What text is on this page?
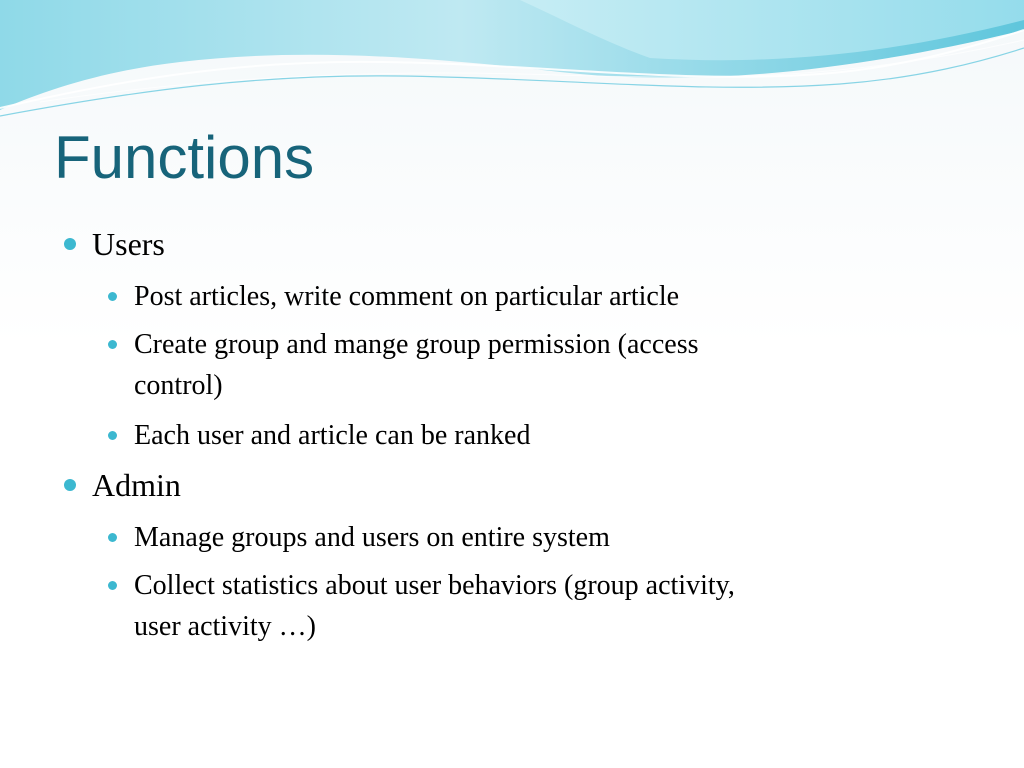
Functions

Users

Post articles, write comment on particular article

Create group and mange group permission (access

control)

Each user and article can be ranked

Admin

Manage groups and users on entire system

Collect statistics about user behaviors (group activity,

user activity …)
